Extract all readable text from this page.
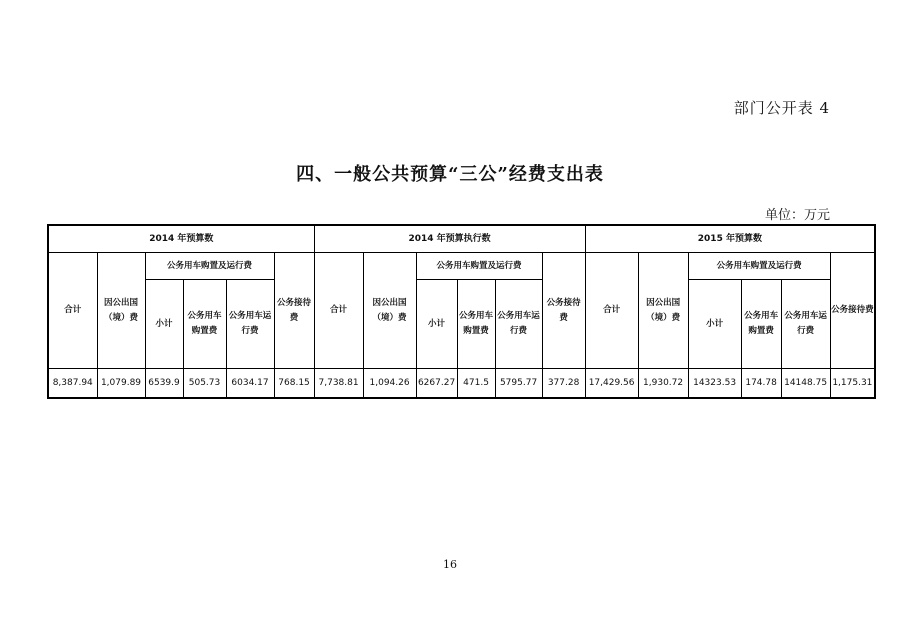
部门公开表 4
四、一般公共预算“三公”经费支出表
单位：万元
2014 年预算数						2014 年预算执行数						2015 年预算数					
合计	因公出国（境）费	公务用车购置及运行费			公务接待费	合计	因公出国（境）费	公务用车购置及运行费			公务接待费	合计	因公出国（境）费	公务用车购置及运行费			公务接待费
		小计	公务用车购置费	公务用车运行费				小计	公务用车购置费	公务用车运行费				小计	公务用车购置费	公务用车运行费	
8,387.94	1,079.89	6539.9	505.73	6034.17	768.15	7,738.81	1,094.26	6267.27	471.5	5795.77	377.28	17,429.56	1,930.72	14323.53	174.78	14148.75	1,175.31
16
